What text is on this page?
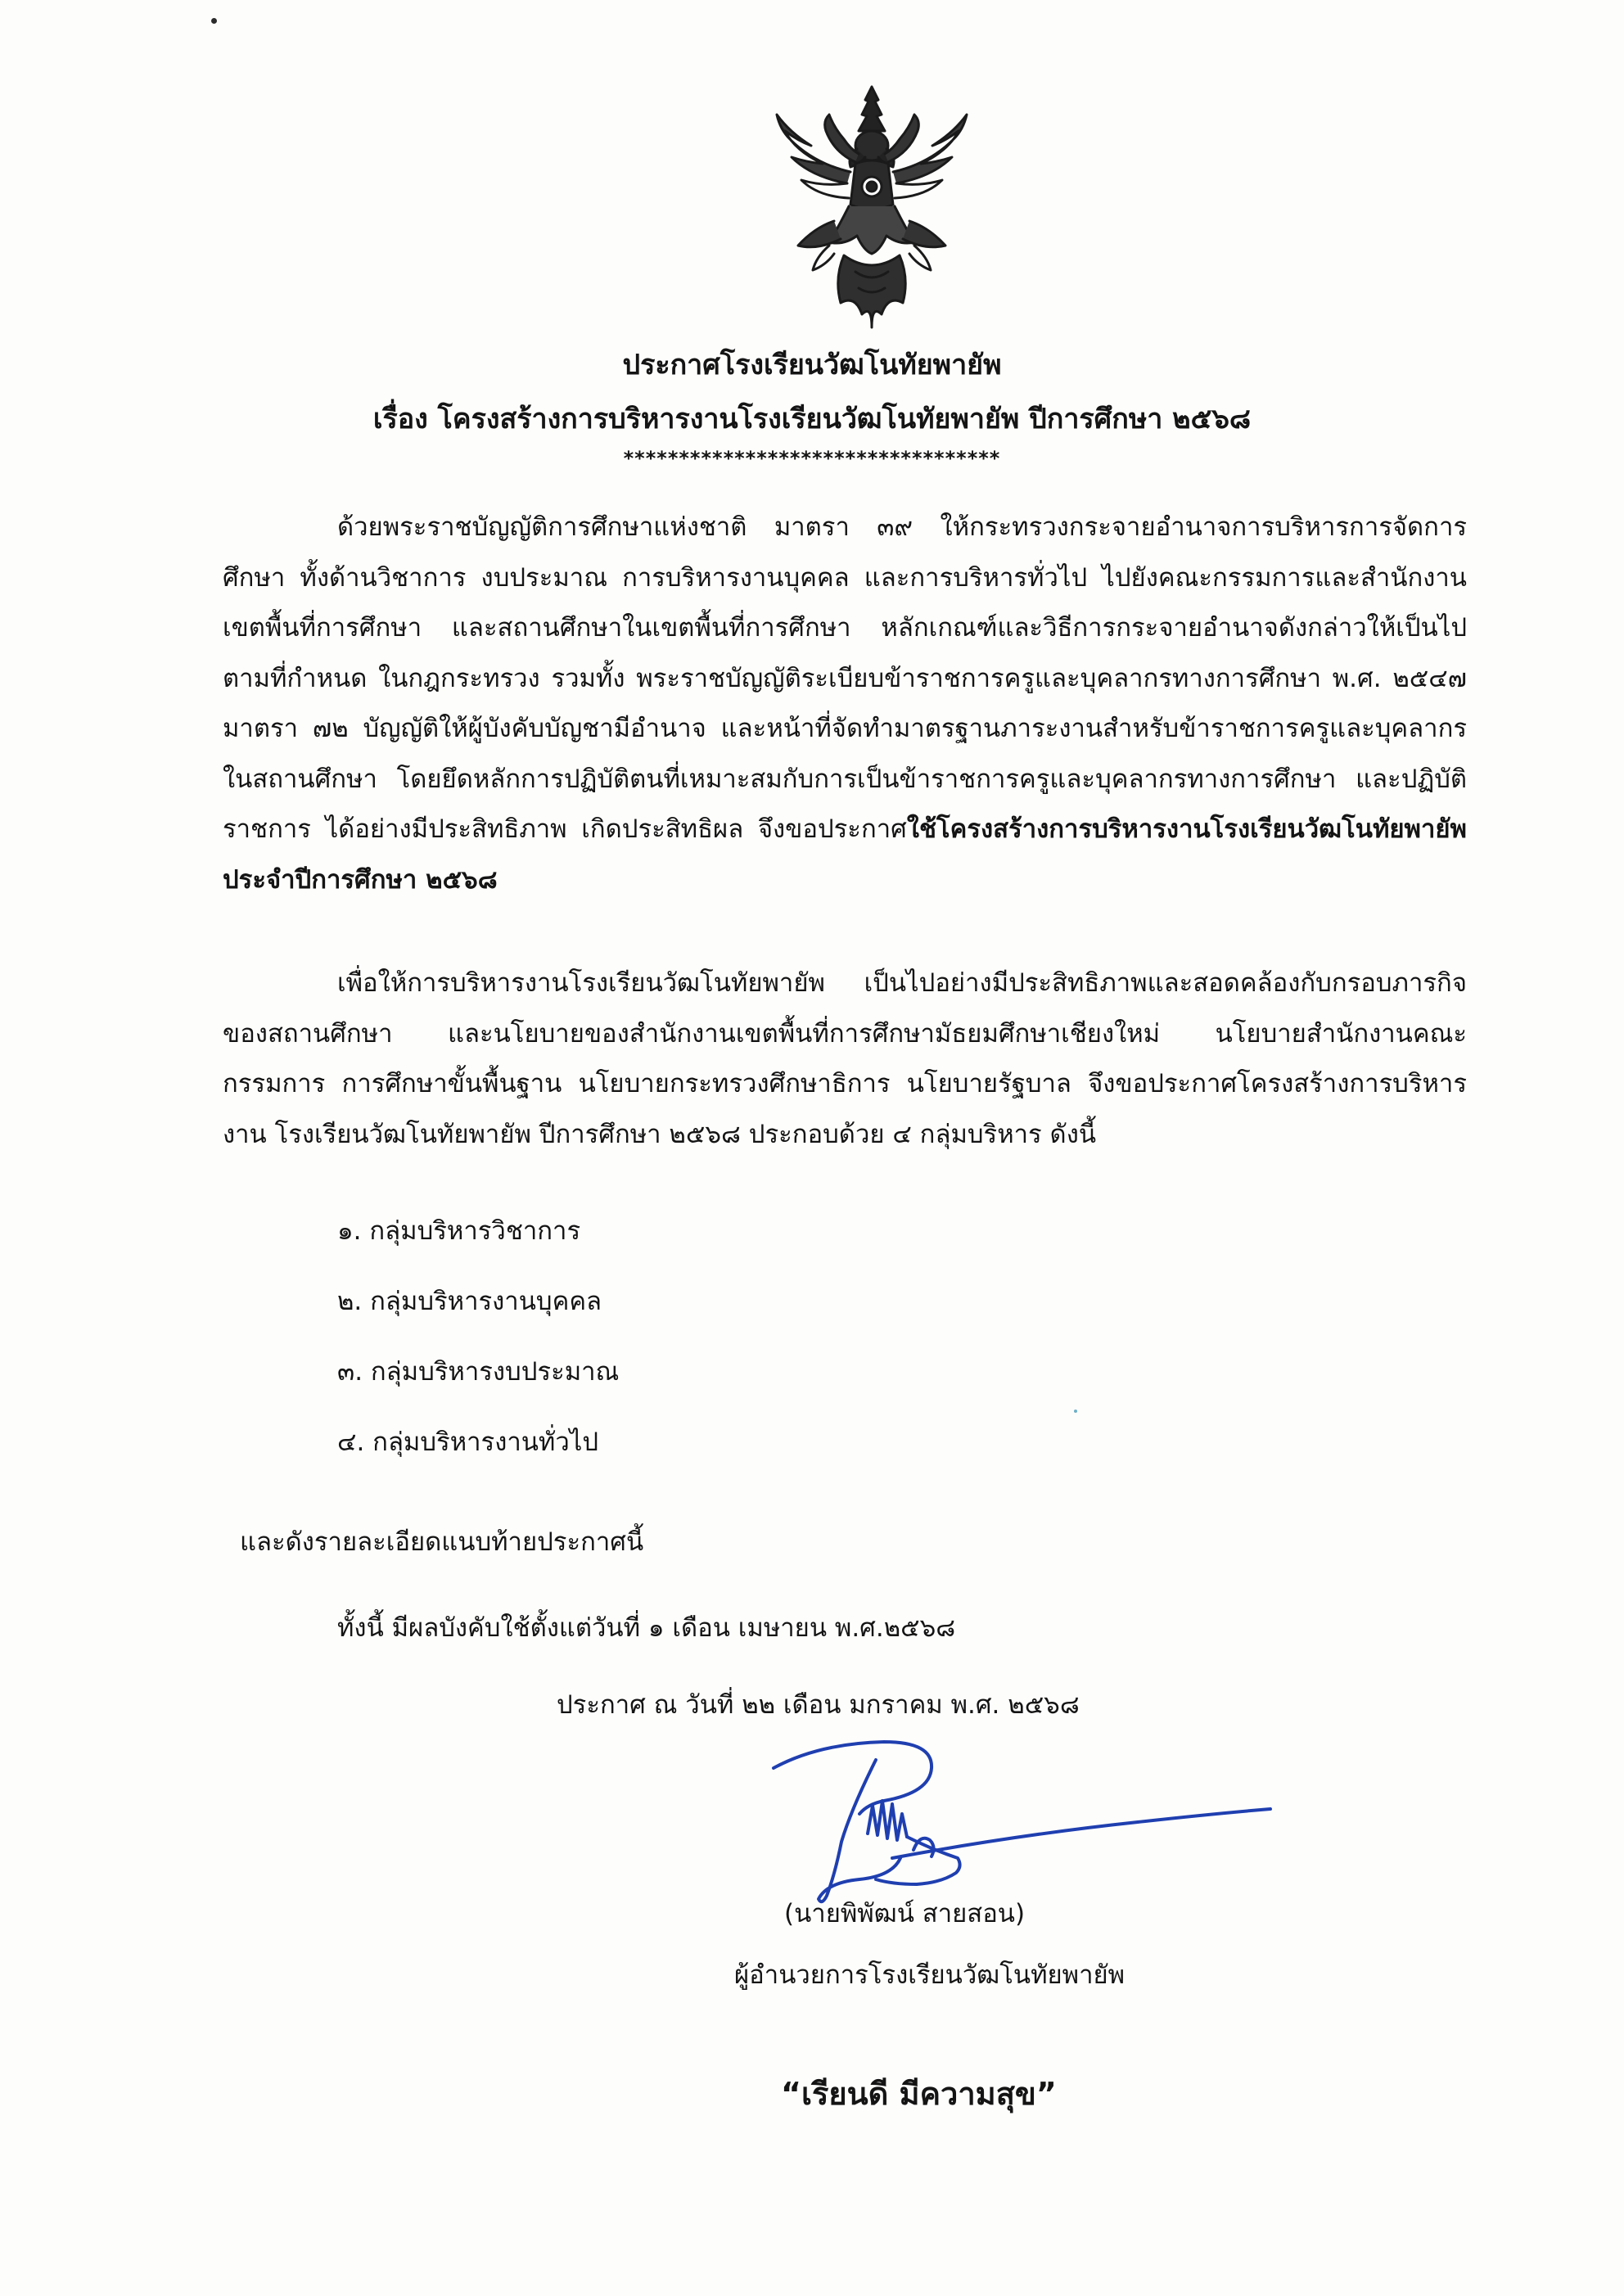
ประกาศโรงเรียนวัฒโนทัยพายัพ
เรื่อง โครงสร้างการบริหารงานโรงเรียนวัฒโนทัยพายัพ ปีการศึกษา ๒๕๖๘
**********************************
ด้วยพระราชบัญญัติการศึกษาแห่งชาติ มาตรา ๓๙ ให้กระทรวงกระจายอำนาจการบริหารการจัดการศึกษา ทั้งด้านวิชาการ งบประมาณ การบริหารงานบุคคล และการบริหารทั่วไป ไปยังคณะกรรมการและสำนักงานเขตพื้นที่การศึกษา และสถานศึกษาในเขตพื้นที่การศึกษา หลักเกณฑ์และวิธีการกระจายอำนาจดังกล่าวให้เป็นไปตามที่กำหนด ในกฎกระทรวง รวมทั้ง พระราชบัญญัติระเบียบข้าราชการครูและบุคลากรทางการศึกษา พ.ศ. ๒๕๔๗ มาตรา ๗๒ บัญญัติให้ผู้บังคับบัญชามีอำนาจ และหน้าที่จัดทำมาตรฐานภาระงานสำหรับข้าราชการครูและบุคลากรในสถานศึกษา โดยยึดหลักการปฏิบัติตนที่เหมาะสมกับการเป็นข้าราชการครูและบุคลากรทางการศึกษา และปฏิบัติราชการ ได้อย่างมีประสิทธิภาพ เกิดประสิทธิผล จึงขอประกาศใช้โครงสร้างการบริหารงานโรงเรียนวัฒโนทัยพายัพ ประจำปีการศึกษา ๒๕๖๘
เพื่อให้การบริหารงานโรงเรียนวัฒโนทัยพายัพ เป็นไปอย่างมีประสิทธิภาพและสอดคล้องกับกรอบภารกิจ ของสถานศึกษา และนโยบายของสำนักงานเขตพื้นที่การศึกษามัธยมศึกษาเชียงใหม่ นโยบายสำนักงานคณะกรรมการ การศึกษาขั้นพื้นฐาน นโยบายกระทรวงศึกษาธิการ นโยบายรัฐบาล จึงขอประกาศโครงสร้างการบริหารงาน โรงเรียนวัฒโนทัยพายัพ ปีการศึกษา ๒๕๖๘ ประกอบด้วย ๔ กลุ่มบริหาร ดังนี้
๑. กลุ่มบริหารวิชาการ
๒. กลุ่มบริหารงานบุคคล
๓. กลุ่มบริหารงบประมาณ
๔. กลุ่มบริหารงานทั่วไป
และดังรายละเอียดแนบท้ายประกาศนี้
ทั้งนี้ มีผลบังคับใช้ตั้งแต่วันที่ ๑ เดือน เมษายน พ.ศ.๒๕๖๘
ประกาศ ณ วันที่ ๒๒ เดือน มกราคม พ.ศ. ๒๕๖๘
(นายพิพัฒน์ สายสอน)
ผู้อำนวยการโรงเรียนวัฒโนทัยพายัพ
“เรียนดี มีความสุข”
